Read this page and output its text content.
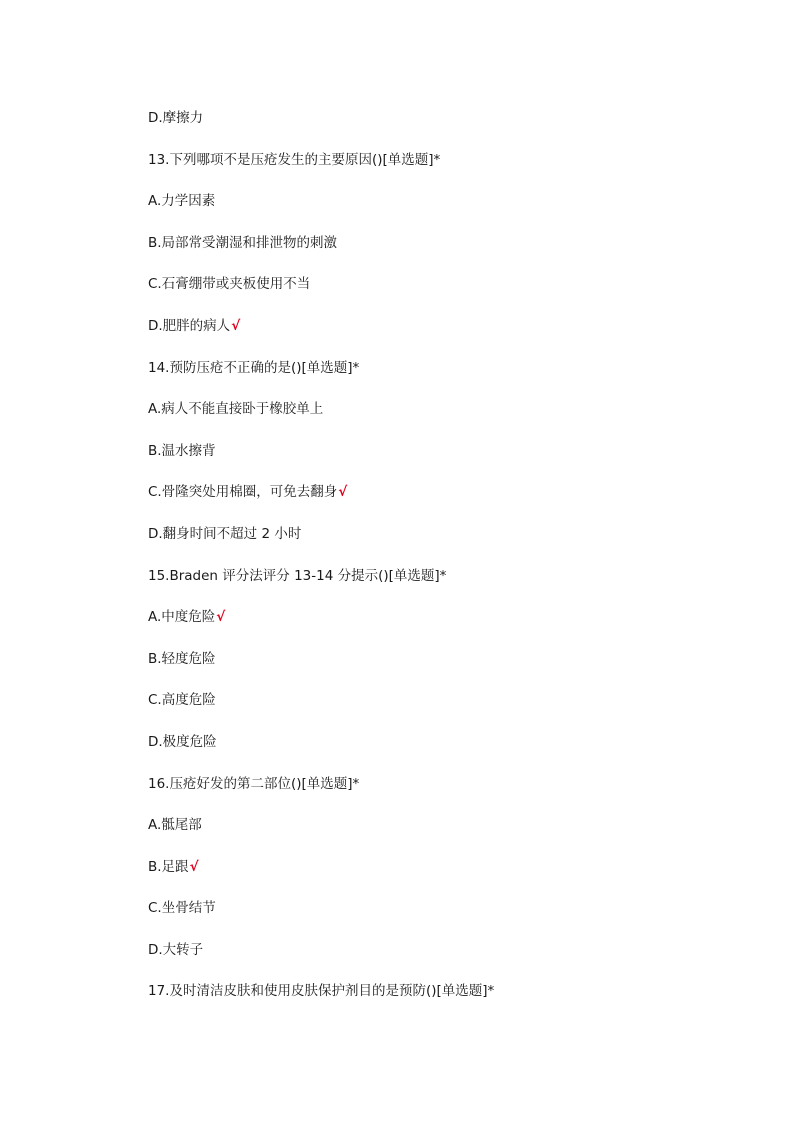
D.摩擦力
13.下列哪项不是压疮发生的主要原因()[单选题]*
A.力学因素
B.局部常受潮湿和排泄物的刺激
C.石膏绷带或夹板使用不当
D.肥胖的病人√
14.预防压疮不正确的是()[单选题]*
A.病人不能直接卧于橡胶单上
B.温水擦背
C.骨隆突处用棉圈，可免去翻身√
D.翻身时间不超过 2 小时
15.Braden 评分法评分 13-14 分提示()[单选题]*
A.中度危险√
B.轻度危险
C.高度危险
D.极度危险
16.压疮好发的第二部位()[单选题]*
A.骶尾部
B.足跟√
C.坐骨结节
D.大转子
17.及时清洁皮肤和使用皮肤保护剂目的是预防()[单选题]*
